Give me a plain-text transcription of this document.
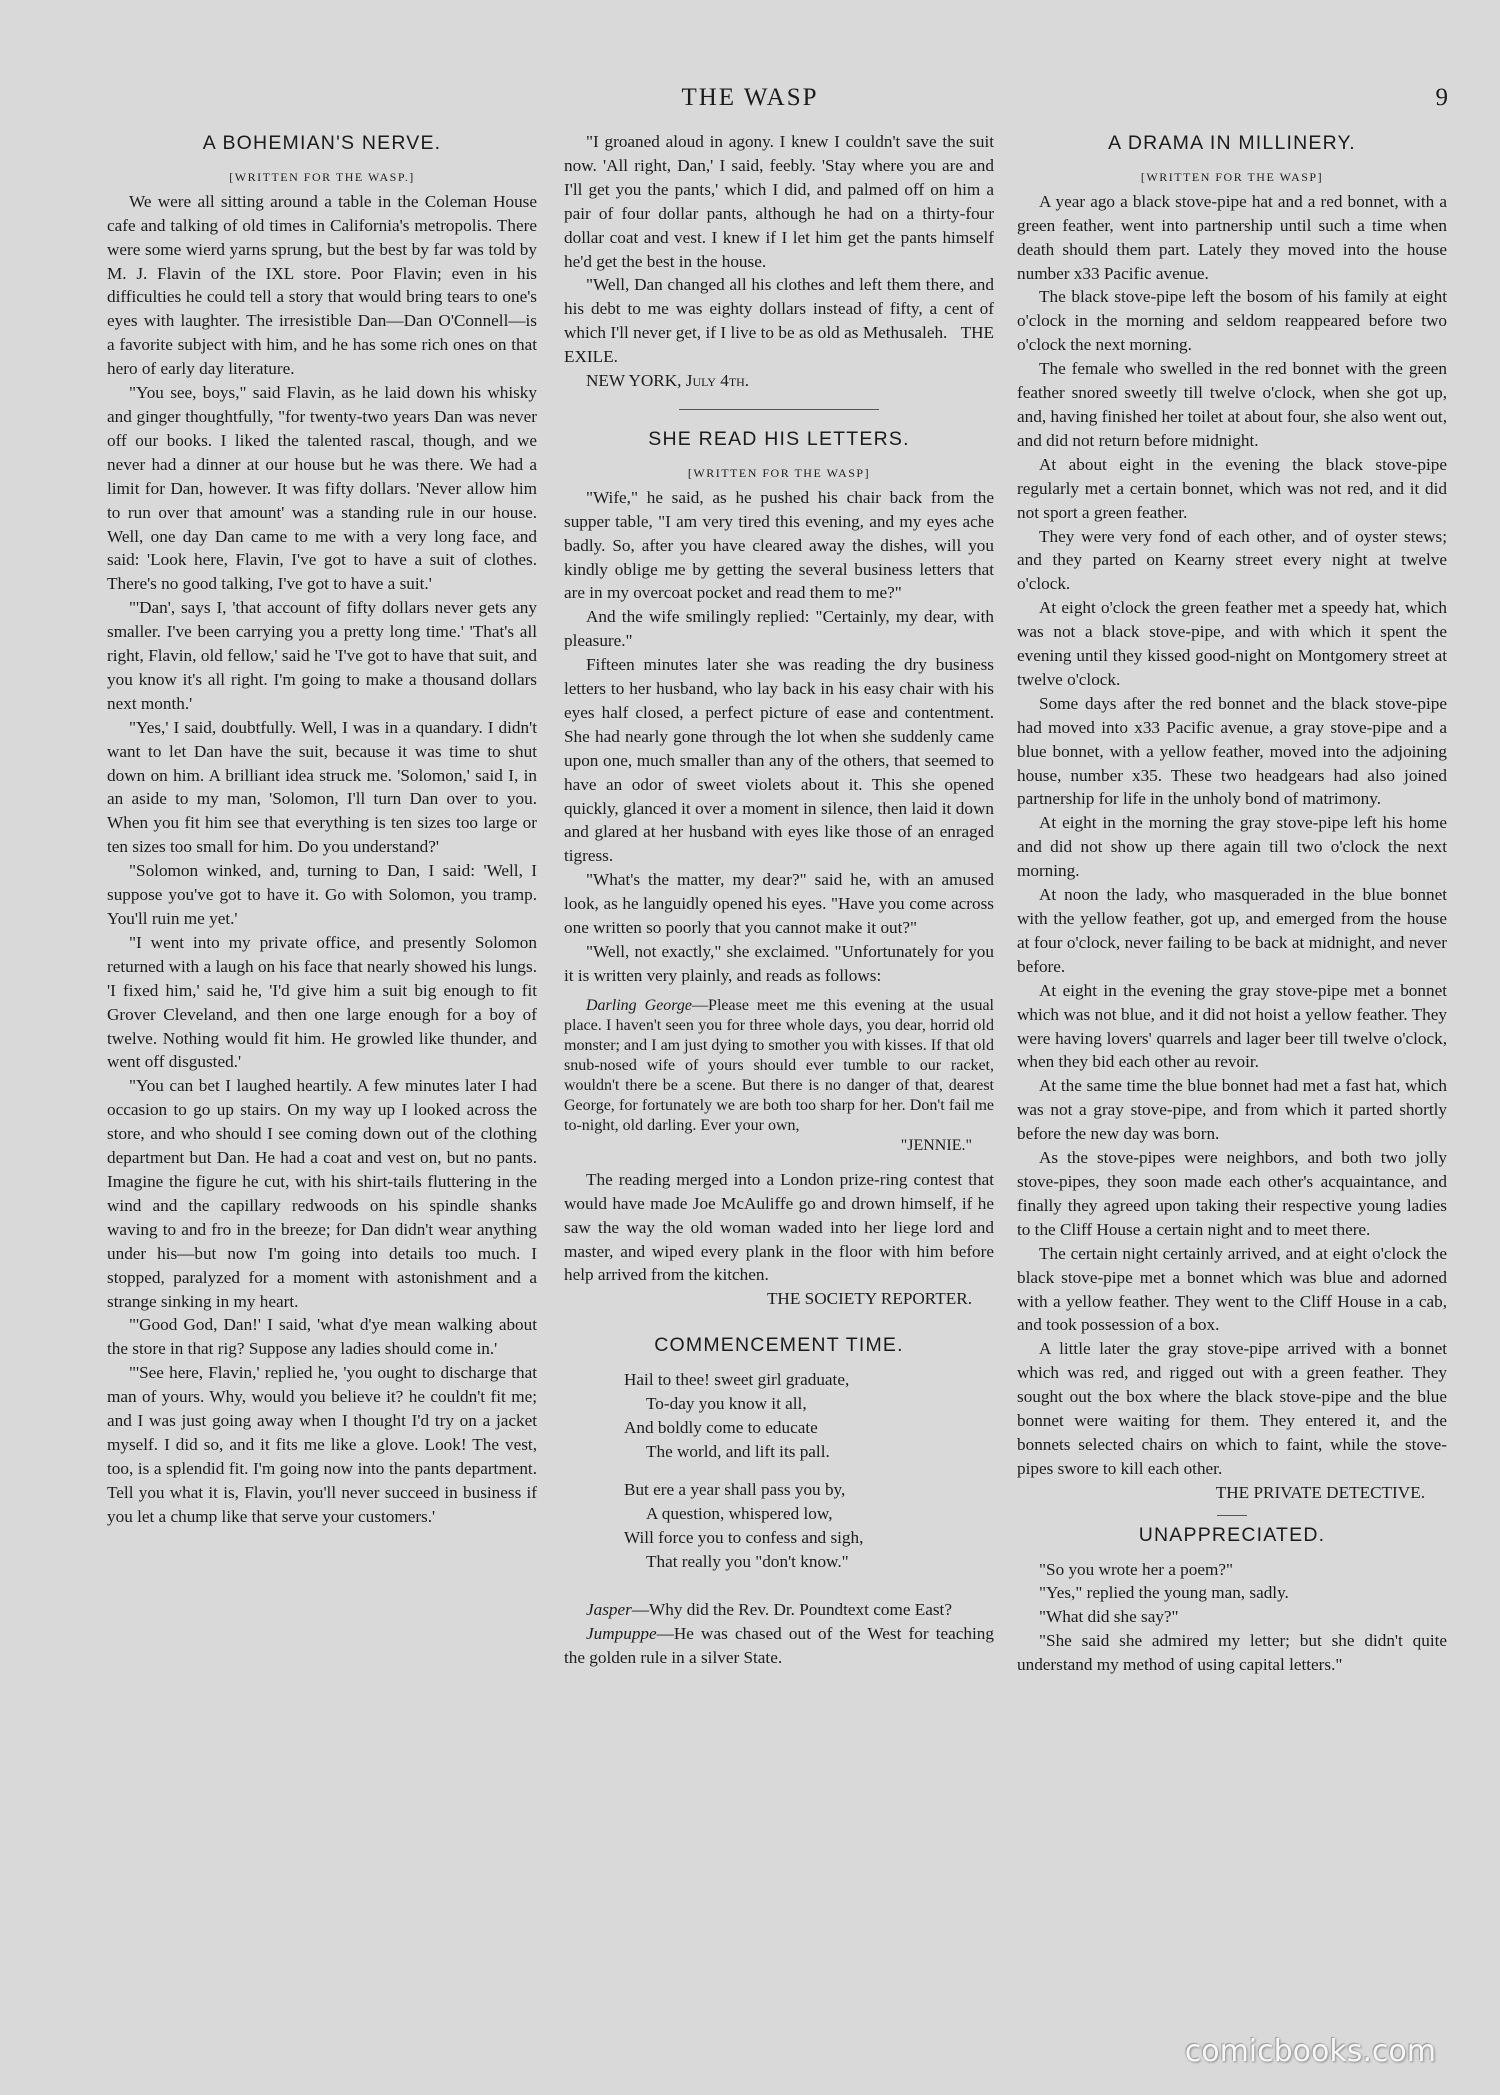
THE WASP	9
A BOHEMIAN'S NERVE.

[WRITTEN FOR THE WASP.]

We were all sitting around a table in the Coleman House cafe and talking of old times in California's metropolis. There were some wierd yarns sprung, but the best by far was told by M. J. Flavin of the IXL store. Poor Flavin; even in his difficulties he could tell a story that would bring tears to one's eyes with laughter. The irresistible Dan—Dan O'Connell—is a favorite subject with him, and he has some rich ones on that hero of early day literature.

"You see, boys," said Flavin, as he laid down his whisky and ginger thoughtfully, "for twenty-two years Dan was never off our books. I liked the talented rascal, though, and we never had a dinner at our house but he was there. We had a limit for Dan, however. It was fifty dollars. 'Never allow him to run over that amount' was a standing rule in our house. Well, one day Dan came to me with a very long face, and said: 'Look here, Flavin, I've got to have a suit of clothes. There's no good talking, I've got to have a suit.'

"'Dan', says I, 'that account of fifty dollars never gets any smaller. I've been carrying you a pretty long time.' 'That's all right, Flavin, old fellow,' said he 'I've got to have that suit, and you know it's all right. I'm going to make a thousand dollars next month.'

"Yes,' I said, doubtfully. Well, I was in a quandary. I didn't want to let Dan have the suit, because it was time to shut down on him. A brilliant idea struck me. 'Solomon,' said I, in an aside to my man, 'Solomon, I'll turn Dan over to you. When you fit him see that everything is ten sizes too large or ten sizes too small for him. Do you understand?'

"Solomon winked, and, turning to Dan, I said: 'Well, I suppose you've got to have it. Go with Solomon, you tramp. You'll ruin me yet.'

"I went into my private office, and presently Solomon returned with a laugh on his face that nearly showed his lungs. 'I fixed him,' said he, 'I'd give him a suit big enough to fit Grover Cleveland, and then one large enough for a boy of twelve. Nothing would fit him. He growled like thunder, and went off disgusted.'

"You can bet I laughed heartily. A few minutes later I had occasion to go up stairs. On my way up I looked across the store, and who should I see coming down out of the clothing department but Dan. He had a coat and vest on, but no pants. Imagine the figure he cut, with his shirt-tails fluttering in the wind and the capillary redwoods on his spindle shanks waving to and fro in the breeze; for Dan didn't wear anything under his—but now I'm going into details too much. I stopped, paralyzed for a moment with astonishment and a strange sinking in my heart.

"'Good God, Dan!' I said, 'what d'ye mean walking about the store in that rig? Suppose any ladies should come in.'

"'See here, Flavin,' replied he, 'you ought to discharge that man of yours. Why, would you believe it? he couldn't fit me; and I was just going away when I thought I'd try on a jacket myself. I did so, and it fits me like a glove. Look! The vest, too, is a splendid fit. I'm going now into the pants department. Tell you what it is, Flavin, you'll never succeed in business if you let a chump like that serve your customers.'

"I groaned aloud in agony. I knew I couldn't save the suit now. 'All right, Dan,' I said, feebly. 'Stay where you are and I'll get you the pants,' which I did, and palmed off on him a pair of four dollar pants, although he had on a thirty-four dollar coat and vest. I knew if I let him get the pants himself he'd get the best in the house.

"Well, Dan changed all his clothes and left them there, and his debt to me was eighty dollars instead of fifty, a cent of which I'll never get, if I live to be as old as Methusaleh. THE EXILE.

NEW YORK, July 4th.

SHE READ HIS LETTERS.

[WRITTEN FOR THE WASP]

"Wife," he said, as he pushed his chair back from the supper table, "I am very tired this evening, and my eyes ache badly. So, after you have cleared away the dishes, will you kindly oblige me by getting the several business letters that are in my overcoat pocket and read them to me?"

And the wife smilingly replied: "Certainly, my dear, with pleasure."

Fifteen minutes later she was reading the dry business letters to her husband, who lay back in his easy chair with his eyes half closed, a perfect picture of ease and contentment. She had nearly gone through the lot when she suddenly came upon one, much smaller than any of the others, that seemed to have an odor of sweet violets about it. This she opened quickly, glanced it over a moment in silence, then laid it down and glared at her husband with eyes like those of an enraged tigress.

"What's the matter, my dear?" said he, with an amused look, as he languidly opened his eyes. "Have you come across one written so poorly that you cannot make it out?"

"Well, not exactly," she exclaimed. "Unfortunately for you it is written very plainly, and reads as follows:

Darling George—Please meet me this evening at the usual place. I haven't seen you for three whole days, you dear, horrid old monster; and I am just dying to smother you with kisses. If that old snub-nosed wife of yours should ever tumble to our racket, wouldn't there be a scene. But there is no danger of that, dearest George, for fortunately we are both too sharp for her. Don't fail me to-night, old darling. Ever your own,

"JENNIE."

The reading merged into a London prize-ring contest that would have made Joe McAuliffe go and drown himself, if he saw the way the old woman waded into her liege lord and master, and wiped every plank in the floor with him before help arrived from the kitchen.

THE SOCIETY REPORTER.

COMMENCEMENT TIME.
Hail to thee! sweet girl graduate,
To-day you know it all,
And boldly come to educate
The world, and lift its pall.
But ere a year shall pass you by,
A question, whispered low,
Will force you to confess and sigh,
That really you "don't know."

Jasper—Why did the Rev. Dr. Poundtext come East?

Jumpuppe—He was chased out of the West for teaching the golden rule in a silver State.

A DRAMA IN MILLINERY.

[WRITTEN FOR THE WASP]

A year ago a black stove-pipe hat and a red bonnet, with a green feather, went into partnership until such a time when death should them part. Lately they moved into the house number x33 Pacific avenue.

The black stove-pipe left the bosom of his family at eight o'clock in the morning and seldom reappeared before two o'clock the next morning.

The female who swelled in the red bonnet with the green feather snored sweetly till twelve o'clock, when she got up, and, having finished her toilet at about four, she also went out, and did not return before midnight.

At about eight in the evening the black stove-pipe regularly met a certain bonnet, which was not red, and it did not sport a green feather.

They were very fond of each other, and of oyster stews; and they parted on Kearny street every night at twelve o'clock.

At eight o'clock the green feather met a speedy hat, which was not a black stove-pipe, and with which it spent the evening until they kissed good-night on Montgomery street at twelve o'clock.

Some days after the red bonnet and the black stove-pipe had moved into x33 Pacific avenue, a gray stove-pipe and a blue bonnet, with a yellow feather, moved into the adjoining house, number x35. These two headgears had also joined partnership for life in the unholy bond of matrimony.

At eight in the morning the gray stove-pipe left his home and did not show up there again till two o'clock the next morning.

At noon the lady, who masqueraded in the blue bonnet with the yellow feather, got up, and emerged from the house at four o'clock, never failing to be back at midnight, and never before.

At eight in the evening the gray stove-pipe met a bonnet which was not blue, and it did not hoist a yellow feather. They were having lovers' quarrels and lager beer till twelve o'clock, when they bid each other au revoir.

At the same time the blue bonnet had met a fast hat, which was not a gray stove-pipe, and from which it parted shortly before the new day was born.

As the stove-pipes were neighbors, and both two jolly stove-pipes, they soon made each other's acquaintance, and finally they agreed upon taking their respective young ladies to the Cliff House a certain night and to meet there.

The certain night certainly arrived, and at eight o'clock the black stove-pipe met a bonnet which was blue and adorned with a yellow feather. They went to the Cliff House in a cab, and took possession of a box.

A little later the gray stove-pipe arrived with a bonnet which was red, and rigged out with a green feather. They sought out the box where the black stove-pipe and the blue bonnet were waiting for them. They entered it, and the bonnets selected chairs on which to faint, while the stove-pipes swore to kill each other.

THE PRIVATE DETECTIVE.

UNAPPRECIATED.

"So you wrote her a poem?"

"Yes," replied the young man, sadly.

"What did she say?"

"She said she admired my letter; but she didn't quite understand my method of using capital letters."

comicbooks.com
